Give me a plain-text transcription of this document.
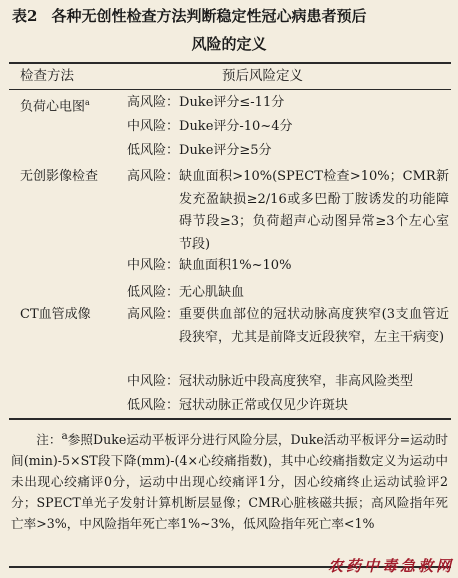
表2 各种无创性检查方法判断稳定性冠心病患者预后
风险的定义
检查方法	预后风险定义
负荷心电图$^a$	高风险： Duke评分≤-11分
中风险： Duke评分-10~4分
低风险： Duke评分≥5分
无创影像检查 高风险： 缺血面积>10%(SPECT检查>10%；CMR新发充盈缺损≥2/16或多巴酚丁胺诱发的功能障碍节段≥3；负荷超声心动图异常≥3个左心室节段)
中风险： 缺血面积1%~10%
低风险： 无心肌缺血
CT血管成像	高风险： 重要供血部位的冠状动脉高度狭窄(3支血管近段狭窄，尤其是前降支近段狭窄，左主干病变)
中风险： 冠状动脉近中段高度狭窄，非高风险类型
低风险： 冠状动脉正常或仅见少许斑块
注：$^a$参照Duke运动平板评分进行风险分层，Duke活动平板评分=运动时间(min)-5×ST段下降(mm)-(4×心绞痛指数)，其中心绞痛指数定义为运动中未出现心绞痛评0分，运动中出现心绞痛评1分，因心绞痛终止运动试验评2分；SPECT单光子发射计算机断层显像；CMR心脏核磁共振；高风险指年死亡率>3%，中风险指年死亡率1%~3%，低风险指年死亡率<1%
农药中毒急救网
